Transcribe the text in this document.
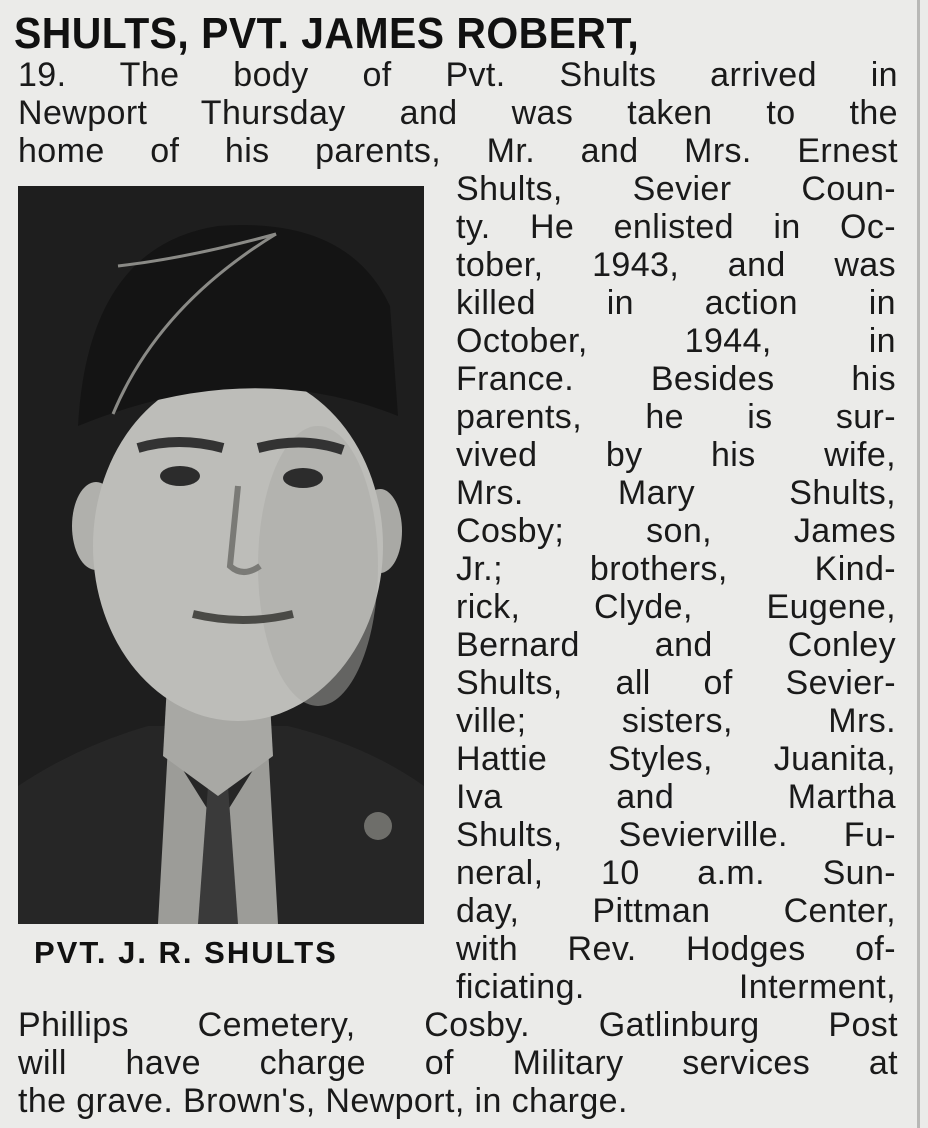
SHULTS, PVT. JAMES ROBERT,

19. The body of Pvt. Shults arrived in

Newport Thursday and was taken to the

home of his parents, Mr. and Mrs. Ernest

Shults, Sevier Coun-

ty. He enlisted in Oc-

tober, 1943, and was

killed in action in

October, 1944, in

France. Besides his

parents, he is sur-

vived by his wife,

Mrs. Mary Shults,

Cosby; son, James

Jr.; brothers, Kind-

rick, Clyde, Eugene,

Bernard and Conley

Shults, all of Sevier-

ville; sisters, Mrs.

Hattie Styles, Juanita,

Iva and Martha

Shults, Sevierville. Fu-

neral, 10 a.m. Sun-

day, Pittman Center,

with Rev. Hodges of-

ficiating. Interment,

PVT. J. R. SHULTS

Phillips Cemetery, Cosby. Gatlinburg Post

will have charge of Military services at

the grave. Brown's, Newport, in charge.
